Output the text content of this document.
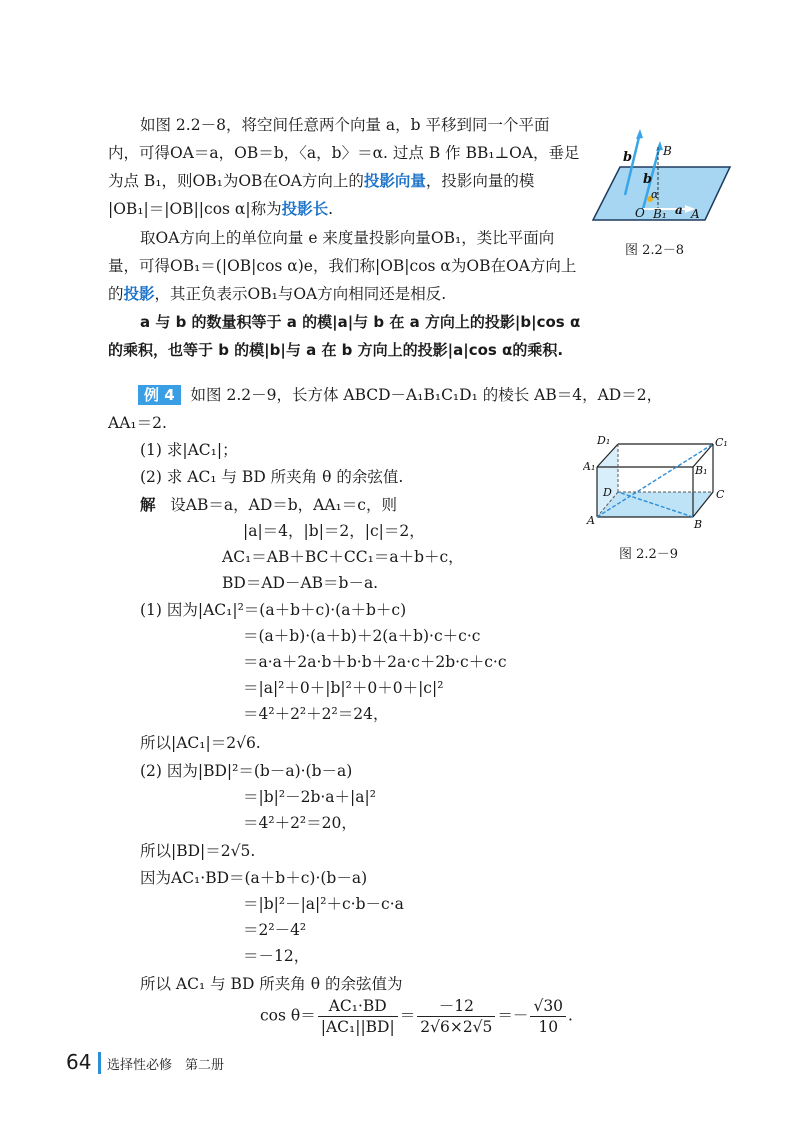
如图 2.2－8，将空间任意两个向量 a，b 平移到同一个平面
内，可得OA＝a，OB＝b，〈a，b〉＝α. 过点 B 作 BB₁⊥OA，垂足
为点 B₁，则OB₁为OB在OA方向上的投影向量，投影向量的模
|OB₁|＝|OB||cos α|称为投影长.
取OA方向上的单位向量 e 来度量投影向量OB₁，类比平面向
量，可得OB₁＝(|OB|cos α)e，我们称|OB|cos α为OB在OA方向上
的投影，其正负表示OB₁与OA方向相同还是相反.
a 与 b 的数量积等于 a 的模|a|与 b 在 a 方向上的投影|b|cos α
的乘积，也等于 b 的模|b|与 a 在 b 方向上的投影|a|cos α的乘积.
b
b
B
α
O B₁ a A
图 2.2－8
例 4 如图 2.2－9，长方体 ABCD－A₁B₁C₁D₁ 的棱长 AB＝4，AD＝2，
AA₁＝2.
(1) 求|AC₁|；
(2) 求 AC₁ 与 BD 所夹角 θ 的余弦值.
D₁	C₁
A₁	B₁
D	C
A	B
图 2.2－9
解 设AB＝a，AD＝b，AA₁＝c，则
|a|＝4，|b|＝2，|c|＝2，
AC₁＝AB＋BC＋CC₁＝a＋b＋c，
BD＝AD－AB＝b－a.
(1) 因为|AC₁|²＝(a＋b＋c)·(a＋b＋c)
＝(a＋b)·(a＋b)＋2(a＋b)·c＋c·c
＝a·a＋2a·b＋b·b＋2a·c＋2b·c＋c·c
＝|a|²＋0＋|b|²＋0＋0＋|c|²
＝4²＋2²＋2²＝24，
所以|AC₁|＝2√6.
(2) 因为|BD|²＝(b－a)·(b－a)
＝|b|²－2b·a＋|a|²
＝4²＋2²＝20，
所以|BD|＝2√5.
因为AC₁·BD＝(a＋b＋c)·(b－a)
＝|b|²－|a|²＋c·b－c·a
＝2²－4²
＝－12，
所以 AC₁ 与 BD 所夹角 θ 的余弦值为
$\cos \theta= \frac{\text{AC₁·BD}}{\text{|AC₁||BD|}} = \frac{-12}{2√6\times 2√5} =- \frac{√30}{10}$ .
64 选择性必修　第二册
